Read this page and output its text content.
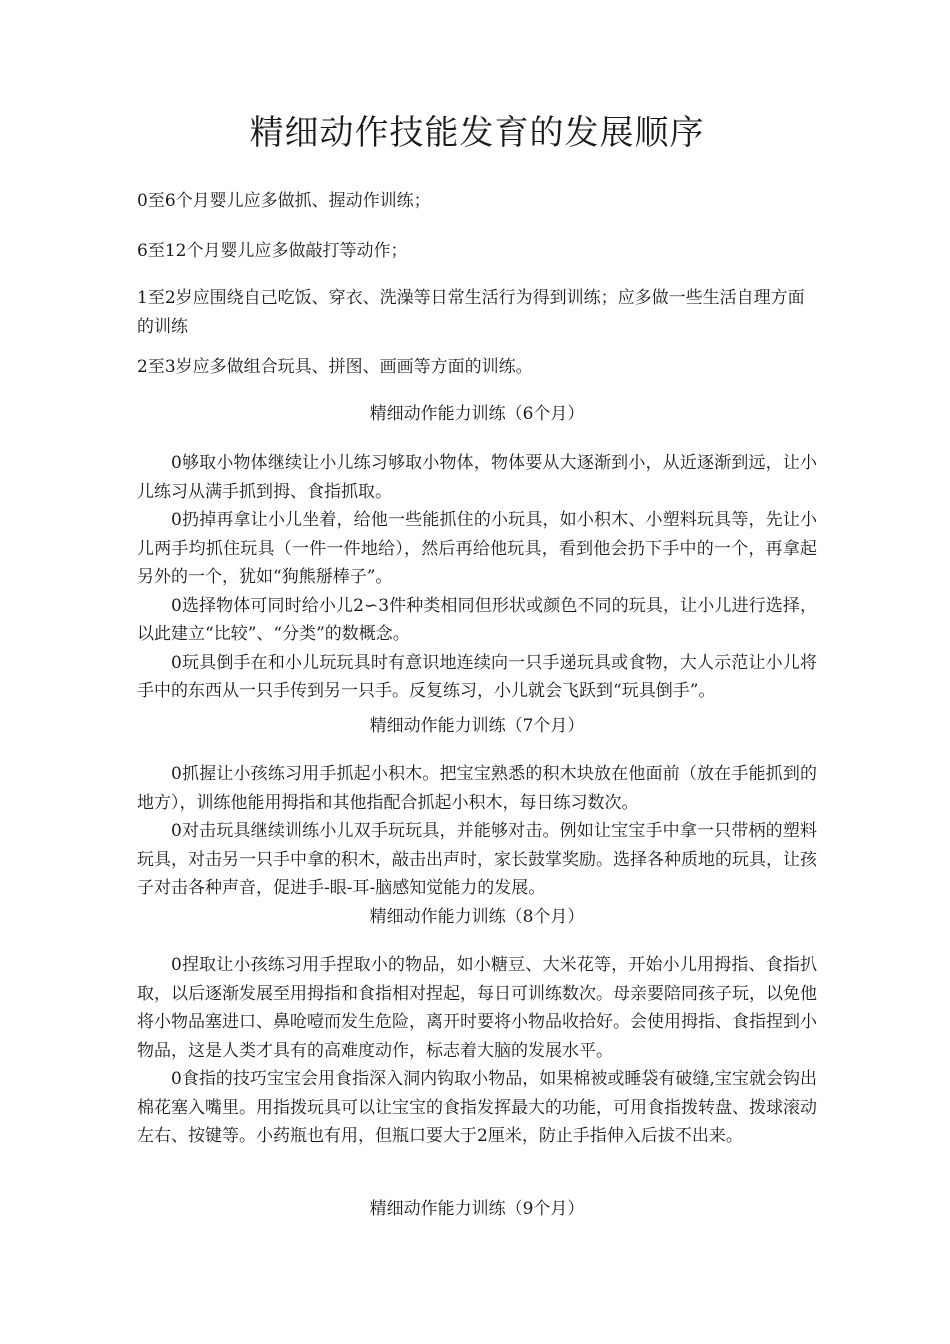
精细动作技能发育的发展顺序

0至6个月婴儿应多做抓、握动作训练；

6至12个月婴儿应多做敲打等动作；

1至2岁应围绕自己吃饭、穿衣、洗澡等日常生活行为得到训练；应多做一些生活自理方面的训练

2至3岁应多做组合玩具、拼图、画画等方面的训练。

精细动作能力训练（6个月）

0够取小物体继续让小儿练习够取小物体，物体要从大逐渐到小，从近逐渐到远，让小儿练习从满手抓到拇、食指抓取。

0扔掉再拿让小儿坐着，给他一些能抓住的小玩具，如小积木、小塑料玩具等，先让小儿两手均抓住玩具（一件一件地给），然后再给他玩具，看到他会扔下手中的一个，再拿起另外的一个，犹如“狗熊掰棒子”。

0选择物体可同时给小儿2∽3件种类相同但形状或颜色不同的玩具，让小儿进行选择，以此建立“比较”、“分类”的数概念。

0玩具倒手在和小儿玩玩具时有意识地连续向一只手递玩具或食物，大人示范让小儿将手中的东西从一只手传到另一只手。反复练习，小儿就会飞跃到“玩具倒手”。

精细动作能力训练（7个月）

0抓握让小孩练习用手抓起小积木。把宝宝熟悉的积木块放在他面前（放在手能抓到的地方），训练他能用拇指和其他指配合抓起小积木，每日练习数次。

0对击玩具继续训练小儿双手玩玩具，并能够对击。例如让宝宝手中拿一只带柄的塑料玩具，对击另一只手中拿的积木，敲击出声时，家长鼓掌奖励。选择各种质地的玩具，让孩子对击各种声音，促进手-眼-耳-脑感知觉能力的发展。

精细动作能力训练（8个月）

0捏取让小孩练习用手捏取小的物品，如小糖豆、大米花等，开始小儿用拇指、食指扒取，以后逐渐发展至用拇指和食指相对捏起，每日可训练数次。母亲要陪同孩子玩，以免他将小物品塞进口、鼻呛噎而发生危险，离开时要将小物品收拾好。会使用拇指、食指捏到小物品，这是人类才具有的高难度动作，标志着大脑的发展水平。

0食指的技巧宝宝会用食指深入洞内钩取小物品，如果棉被或睡袋有破缝,宝宝就会钩出棉花塞入嘴里。用指拨玩具可以让宝宝的食指发挥最大的功能，可用食指拨转盘、拨球滚动左右、按键等。小药瓶也有用，但瓶口要大于2厘米，防止手指伸入后拔不出来。

精细动作能力训练（9个月）
